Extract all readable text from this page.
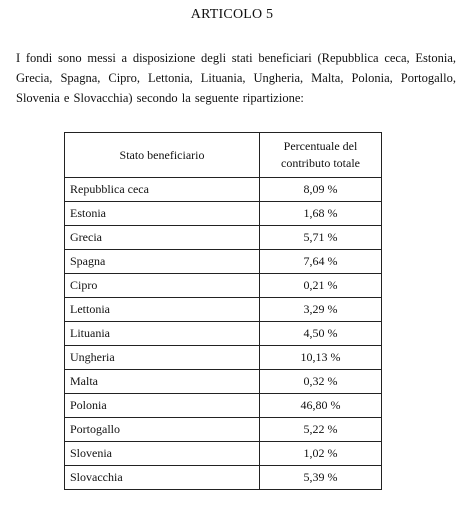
ARTICOLO 5

I fondi sono messi a disposizione degli stati beneficiari (Repubblica ceca, Estonia, Grecia, Spagna, Cipro, Lettonia, Lituania, Ungheria, Malta, Polonia, Portogallo, Slovenia e Slovacchia) secondo la seguente ripartizione:

Stato beneficiario	Percentuale del
contributo totale

Repubblica ceca	8,09 %
Estonia	1,68 %
Grecia	5,71 %
Spagna	7,64 %
Cipro	0,21 %
Lettonia	3,29 %
Lituania	4,50 %
Ungheria	10,13 %
Malta	0,32 %
Polonia	46,80 %
Portogallo	5,22 %
Slovenia	1,02 %
Slovacchia	5,39 %
